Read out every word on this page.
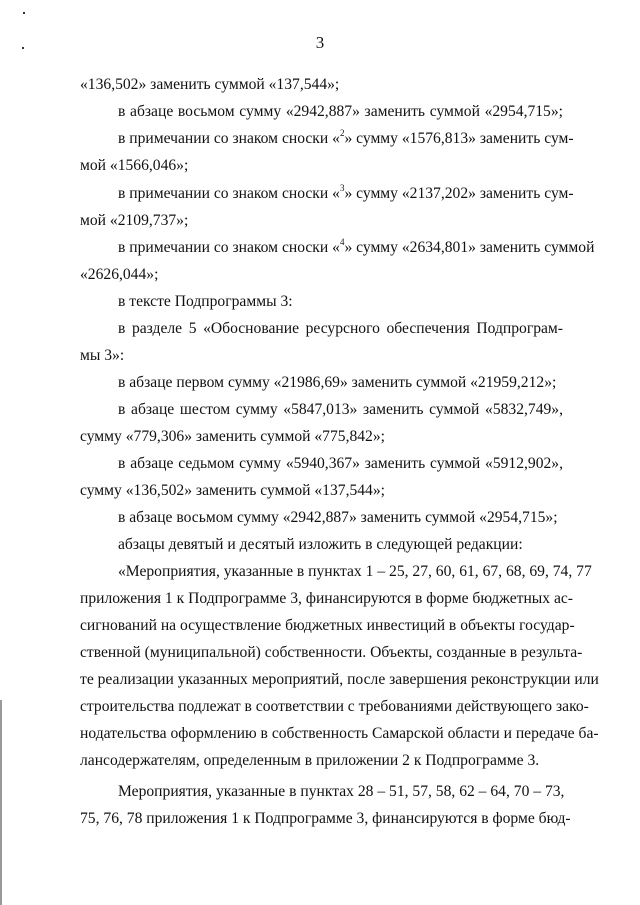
3
«136,502» заменить суммой «137,544»;
в абзаце восьмом сумму «2942,887» заменить суммой «2954,715»;
в примечании со знаком сноски «$^2$» сумму «1576,813» заменить сум-
мой «1566,046»;
в примечании со знаком сноски «$^3$» сумму «2137,202» заменить сум-
мой «2109,737»;
в примечании со знаком сноски «$^4$» сумму «2634,801» заменить суммой
«2626,044»;
в тексте Подпрограммы 3:
в разделе 5 «Обоснование ресурсного обеспечения Подпрограм-
мы 3»:
в абзаце первом сумму «21986,69» заменить суммой «21959,212»;
в абзаце шестом сумму «5847,013» заменить суммой «5832,749»,
сумму «779,306» заменить суммой «775,842»;
в абзаце седьмом сумму «5940,367» заменить суммой «5912,902»,
сумму «136,502» заменить суммой «137,544»;
в абзаце восьмом сумму «2942,887» заменить суммой «2954,715»;
абзацы девятый и десятый изложить в следующей редакции:
«Мероприятия, указанные в пунктах 1 – 25, 27, 60, 61, 67, 68, 69, 74, 77
приложения 1 к Подпрограмме 3, финансируются в форме бюджетных ас-
сигнований на осуществление бюджетных инвестиций в объекты государ-
ственной (муниципальной) собственности. Объекты, созданные в результа-
те реализации указанных мероприятий, после завершения реконструкции или
строительства подлежат в соответствии с требованиями действующего зако-
нодательства оформлению в собственность Самарской области и передаче ба-
лансодержателям, определенным в приложении 2 к Подпрограмме 3.
Мероприятия, указанные в пунктах 28 – 51, 57, 58, 62 – 64, 70 – 73,
75, 76, 78 приложения 1 к Подпрограмме 3, финансируются в форме бюд-
